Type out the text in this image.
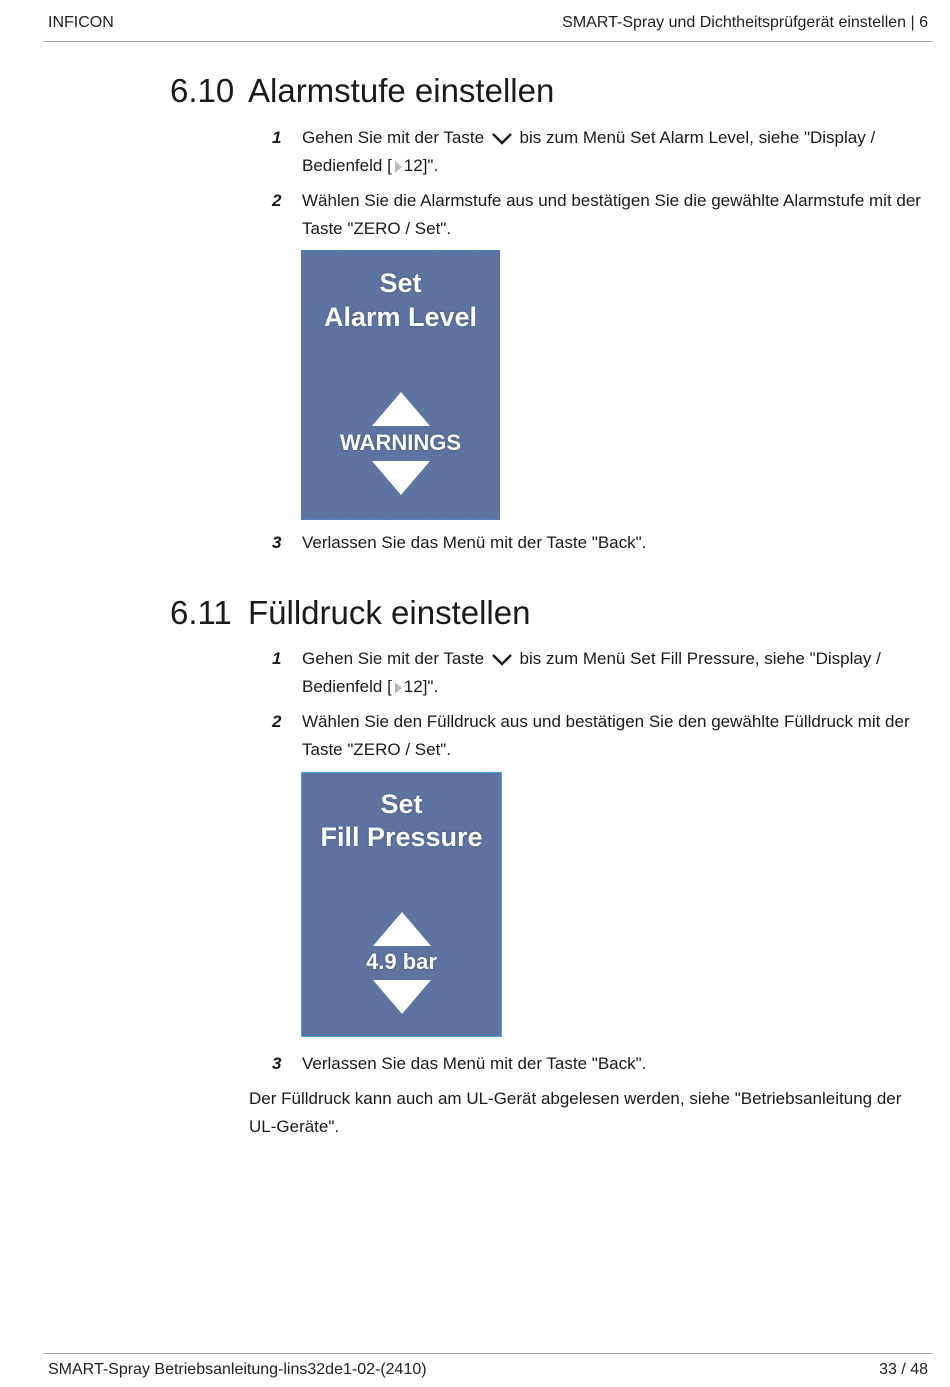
INFICON	SMART-Spray und Dichtheitsprüfgerät einstellen | 6
6.10 Alarmstufe einstellen
1 Gehen Sie mit der Taste bis zum Menü Set Alarm Level, siehe "Display / Bedienfeld [ 12]".
2 Wählen Sie die Alarmstufe aus und bestätigen Sie die gewählte Alarmstufe mit der Taste "ZERO / Set".
Set
Alarm Level
WARNINGS
3 Verlassen Sie das Menü mit der Taste "Back".
6.11 Fülldruck einstellen
1 Gehen Sie mit der Taste bis zum Menü Set Fill Pressure, siehe "Display / Bedienfeld [ 12]".
2 Wählen Sie den Fülldruck aus und bestätigen Sie den gewählte Fülldruck mit der Taste "ZERO / Set".
Set
Fill Pressure
4.9 bar
3 Verlassen Sie das Menü mit der Taste "Back".
Der Fülldruck kann auch am UL-Gerät abgelesen werden, siehe "Betriebsanleitung der UL-Geräte".
SMART-Spray Betriebsanleitung-lins32de1-02-(2410)	33 / 48
